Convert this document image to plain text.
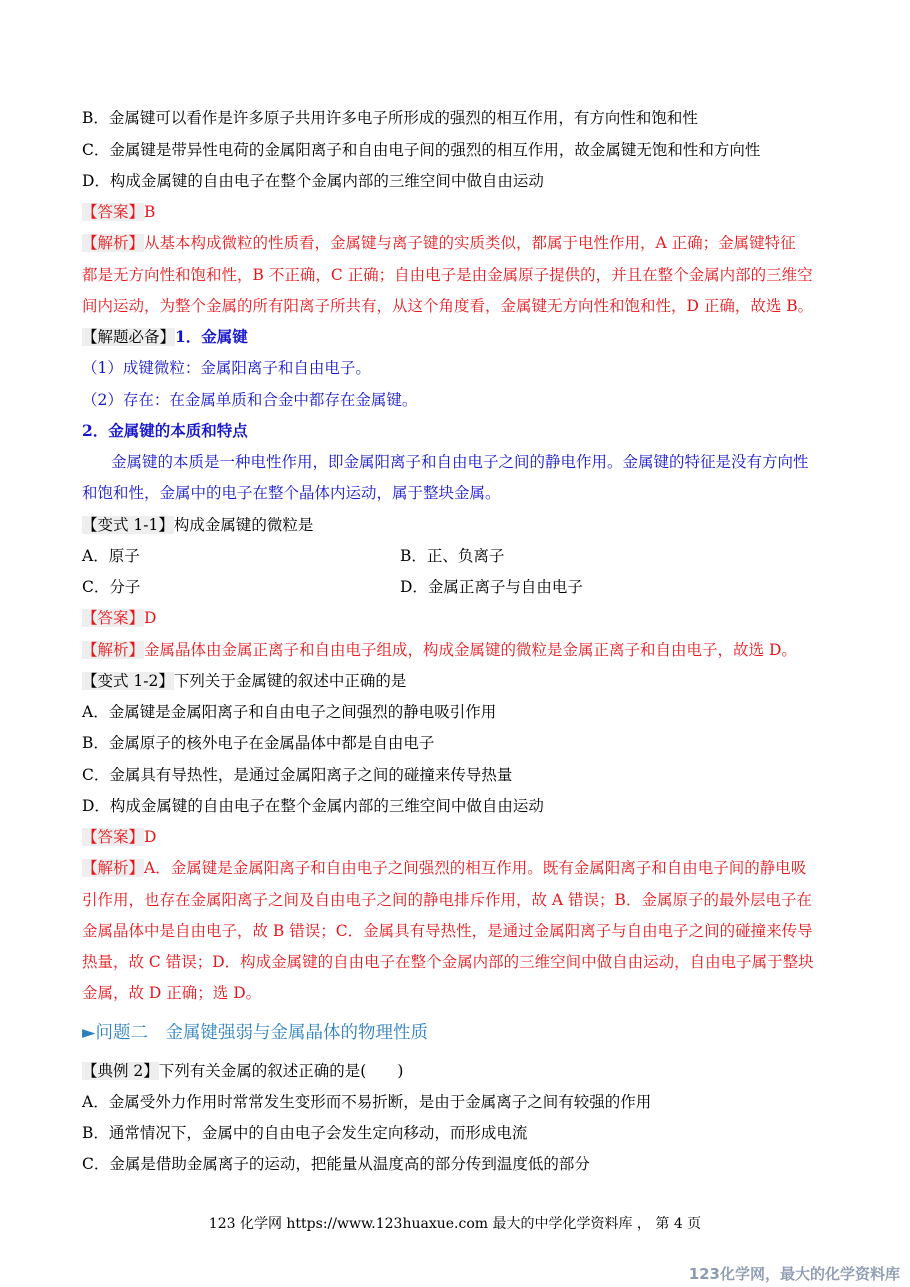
B．金属键可以看作是许多原子共用许多电子所形成的强烈的相互作用，有方向性和饱和性
C．金属键是带异性电荷的金属阳离子和自由电子间的强烈的相互作用，故金属键无饱和性和方向性
D．构成金属键的自由电子在整个金属内部的三维空间中做自由运动
【答案】B
【解析】从基本构成微粒的性质看，金属键与离子键的实质类似，都属于电性作用，A 正确；金属键特征
都是无方向性和饱和性，B 不正确，C 正确；自由电子是由金属原子提供的，并且在整个金属内部的三维空
间内运动，为整个金属的所有阳离子所共有，从这个角度看，金属键无方向性和饱和性，D 正确，故选 B。
【解题必备】1．金属键
（1）成键微粒：金属阳离子和自由电子。
（2）存在：在金属单质和合金中都存在金属键。
2．金属键的本质和特点
金属键的本质是一种电性作用，即金属阳离子和自由电子之间的静电作用。金属键的特征是没有方向性
和饱和性，金属中的电子在整个晶体内运动，属于整块金属。
【变式 1-1】构成金属键的微粒是
A．原子	B．正、负离子
C．分子	D．金属正离子与自由电子
【答案】D
【解析】金属晶体由金属正离子和自由电子组成，构成金属键的微粒是金属正离子和自由电子，故选 D。
【变式 1-2】下列关于金属键的叙述中正确的是
A．金属键是金属阳离子和自由电子之间强烈的静电吸引作用
B．金属原子的核外电子在金属晶体中都是自由电子
C．金属具有导热性，是通过金属阳离子之间的碰撞来传导热量
D．构成金属键的自由电子在整个金属内部的三维空间中做自由运动
【答案】D
【解析】A．金属键是金属阳离子和自由电子之间强烈的相互作用。既有金属阳离子和自由电子间的静电吸
引作用，也存在金属阳离子之间及自由电子之间的静电排斥作用，故 A 错误；B．金属原子的最外层电子在
金属晶体中是自由电子，故 B 错误；C．金属具有导热性，是通过金属阳离子与自由电子之间的碰撞来传导
热量，故 C 错误；D．构成金属键的自由电子在整个金属内部的三维空间中做自由运动，自由电子属于整块
金属，故 D 正确；选 D。
►问题二　金属键强弱与金属晶体的物理性质
【典例 2】下列有关金属的叙述正确的是(　　)
A．金属受外力作用时常常发生变形而不易折断，是由于金属离子之间有较强的作用
B．通常情况下，金属中的自由电子会发生定向移动，而形成电流
C．金属是借助金属离子的运动，把能量从温度高的部分传到温度低的部分
123 化学网 https://www.123huaxue.com 最大的中学化学资料库 ， 第 4 页
123化学网，最大的化学资料库
